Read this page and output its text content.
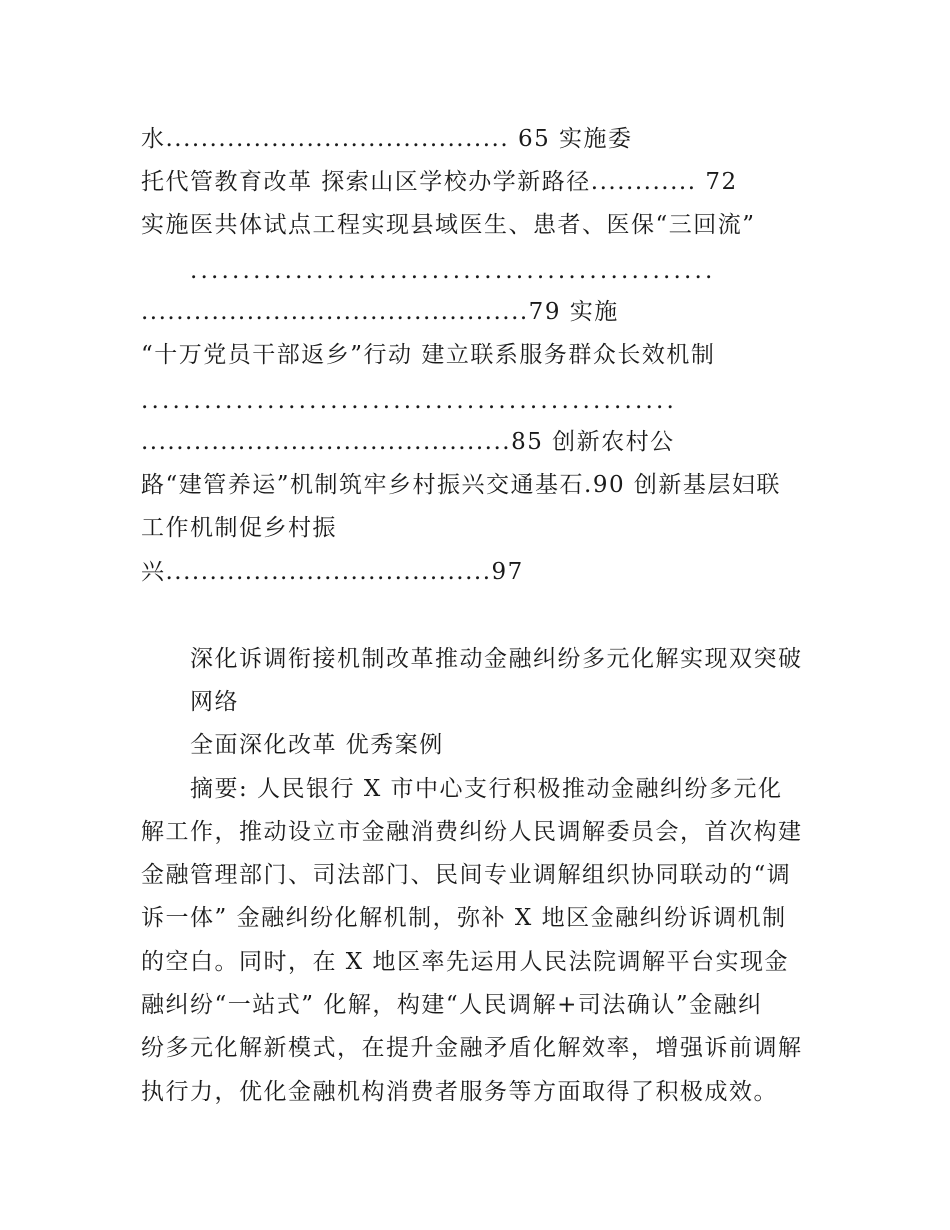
水....................................... 65 实施委
托代管教育改革 探索山区学校办学新路径............ 72
实施医共体试点工程实现县域医生、患者、医保“三回流”
..................................................
............................................79 实施
“十万党员干部返乡”行动 建立联系服务群众长效机制
...................................................
..........................................85 创新农村公
路“建管养运”机制筑牢乡村振兴交通基石.90 创新基层妇联
工作机制促乡村振
兴.....................................97
深化诉调衔接机制改革推动金融纠纷多元化解实现双突破
网络
全面深化改革 优秀案例
摘要: 人民银行 X 市中心支行积极推动金融纠纷多元化
解工作，推动设立市金融消费纠纷人民调解委员会，首次构建
金融管理部门、司法部门、民间专业调解组织协同联动的“调
诉一体” 金融纠纷化解机制，弥补 X 地区金融纠纷诉调机制
的空白。同时，在 X 地区率先运用人民法院调解平台实现金
融纠纷“一站式” 化解，构建“人民调解+司法确认”金融纠
纷多元化解新模式，在提升金融矛盾化解效率，增强诉前调解
执行力，优化金融机构消费者服务等方面取得了积极成效。
